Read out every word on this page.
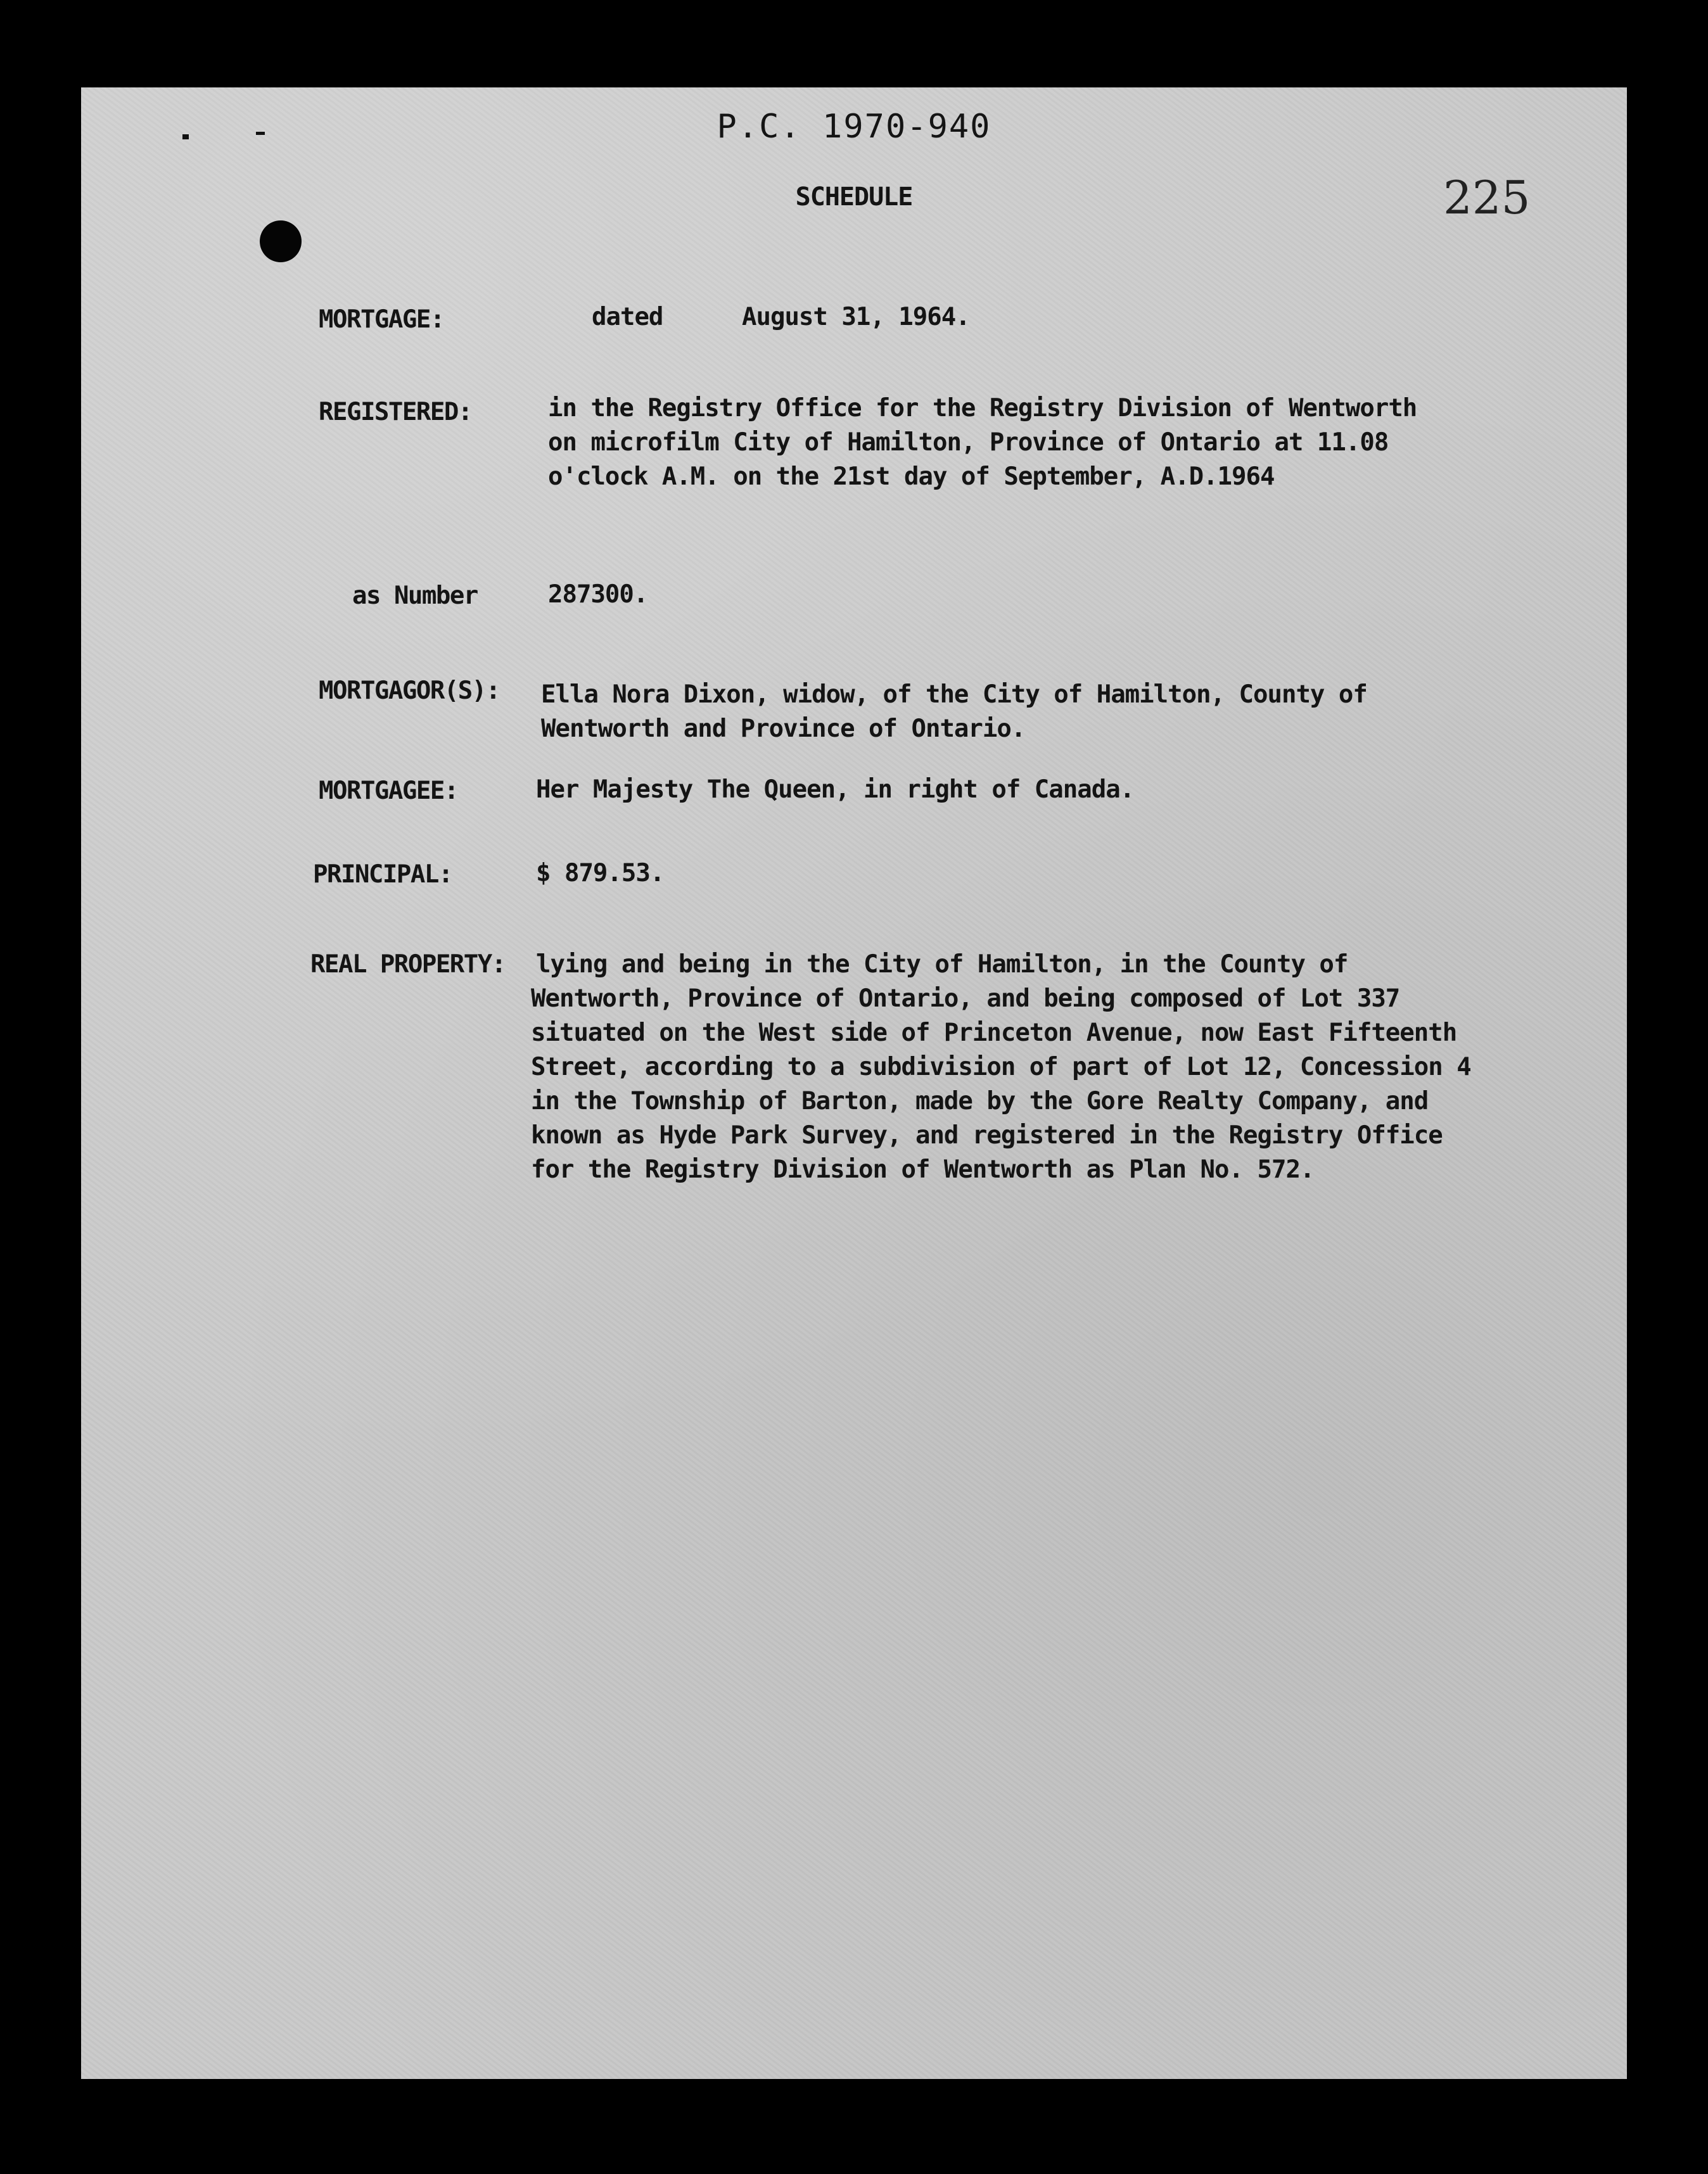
P.C. 1970-940
SCHEDULE	225
MORTGAGE:	dated	August 31, 1964.
REGISTERED:	in the Registry Office for the Registry Division of Wentworth
on microfilm City of Hamilton, Province of Ontario at 11.08
o'clock A.M. on the 21st day of September, A.D.1964
as Number	287300.
MORTGAGOR(S): Ella Nora Dixon, widow, of the City of Hamilton, County of
Wentworth and Province of Ontario.
MORTGAGEE:	Her Majesty The Queen, in right of Canada.
PRINCIPAL:	$ 879.53.
REAL PROPERTY: lying and being in the City of Hamilton, in the County of
Wentworth, Province of Ontario, and being composed of Lot 337
situated on the West side of Princeton Avenue, now East Fifteenth
Street, according to a subdivision of part of Lot 12, Concession 4
in the Township of Barton, made by the Gore Realty Company, and
known as Hyde Park Survey, and registered in the Registry Office
for the Registry Division of Wentworth as Plan No. 572.
